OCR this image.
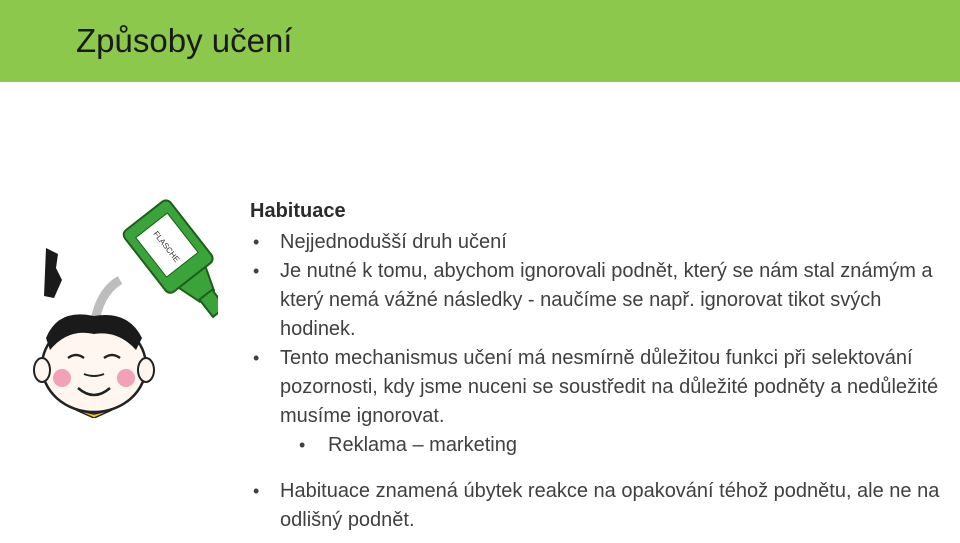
Způsoby učení
FLASCHE
Habituace
• Nejjednodušší druh učení
• Je nutné k tomu, abychom ignorovali podnět, který se nám stal známým a který nemá vážné následky - naučíme se např. ignorovat tikot svých hodinek.
• Tento mechanismus učení má nesmírně důležitou funkci při selektování pozornosti, kdy jsme nuceni se soustředit na důležité podněty a nedůležité musíme ignorovat.
• Reklama – marketing
• Habituace znamená úbytek reakce na opakování téhož podnětu, ale ne na odlišný podnět.
